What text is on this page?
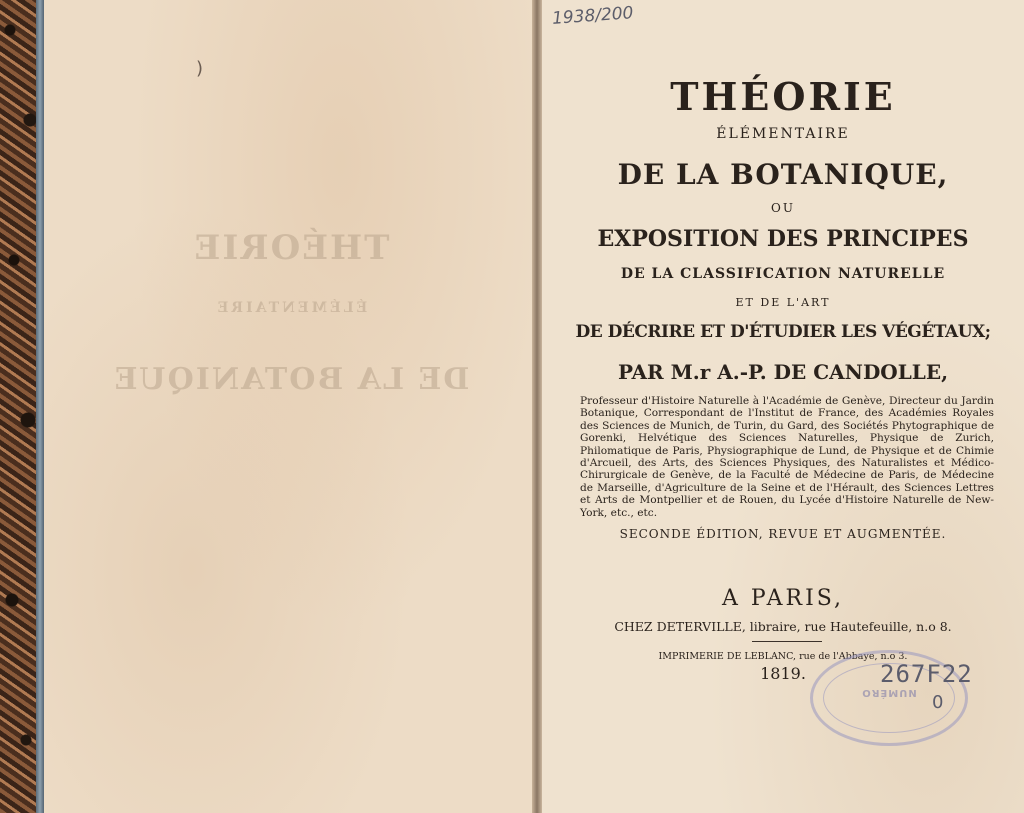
)
THÉORIE
ÉLÉMENTAIRE
DE LA BOTANIQUE
1938/200

THÉORIE

ÉLÉMENTAIRE

DE LA BOTANIQUE,

OU

EXPOSITION DES PRINCIPES

DE LA CLASSIFICATION NATURELLE

ET DE L'ART

DE DÉCRIRE ET D'ÉTUDIER LES VÉGÉTAUX;

PAR M.r A.-P. DE CANDOLLE,

Professeur d'Histoire Naturelle à l'Académie de Genève, Directeur du Jardin Botanique, Correspondant de l'Institut de France, des Académies Royales des Sciences de Munich, de Turin, du Gard, des Sociétés Phytographique de Gorenki, Helvétique des Sciences Naturelles, Physique de Zurich, Philomatique de Paris, Physiographique de Lund, de Physique et de Chimie d'Arcueil, des Arts, des Sciences Physiques, des Naturalistes et Médico-Chirurgicale de Genève, de la Faculté de Médecine de Paris, de Médecine de Marseille, d'Agriculture de la Seine et de l'Hérault, des Sciences Lettres et Arts de Montpellier et de Rouen, du Lycée d'Histoire Naturelle de New-York, etc., etc.

SECONDE ÉDITION, REVUE ET AUGMENTÉE.

A PARIS,

CHEZ DETERVILLE, libraire, rue Hautefeuille, n.o 8.

IMPRIMERIE DE LEBLANC, rue de l'Abbaye, n.o 3.

1819.

NUMÉRO
267F22
0
